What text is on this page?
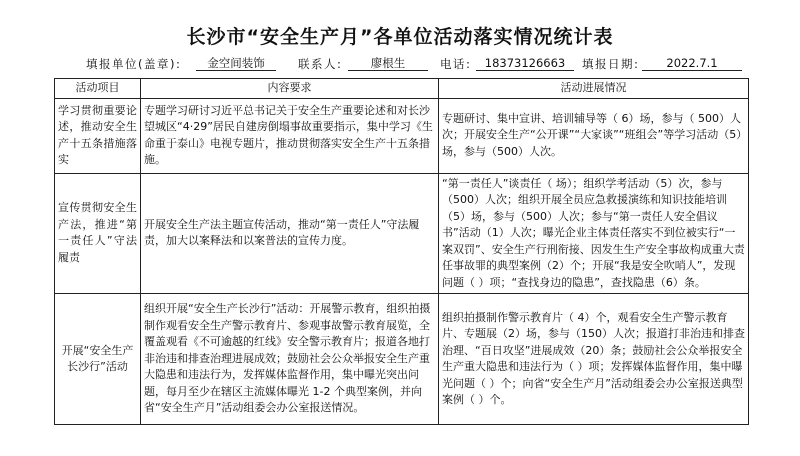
长沙市“安全生产月”各单位活动落实情况统计表
填报单位(盖章):	金空间装饰	联系人:	廖根生	电话:	18373126663	填报日期:	2022.7.1
活动项目	内容要求	活动进展情况
学习贯彻重要论述，推动安全生产十五条措施落实	专题学习研讨习近平总书记关于安全生产重要论述和对长沙望城区“4·29”居民自建房倒塌事故重要指示，集中学习《生命重于泰山》电视专题片，推动贯彻落实安全生产十五条措施。	专题研讨、集中宣讲、培训辅导等（ 6）场，参与（ 500）人次；开展安全生产“公开课”“大家谈”“班组会”等学习活动（5）场，参与（500）人次。
宣传贯彻安全生产法，推进“第一责任人”守法履责	开展安全生产法主题宣传活动，推动“第一责任人”守法履责，加大以案释法和以案普法的宣传力度。	“第一责任人”谈责任（ 场）；组织学考活动（5）次，参与（500）人次；组织开展全员应急救援演练和知识技能培训（5）场，参与（500）人次；参与“第一责任人安全倡议书”活动（1）人次；曝光企业主体责任落实不到位被实行“一案双罚”、安全生产行刑衔接、因发生生产安全事故构成重大责任事故罪的典型案例（2）个；开展“我是安全吹哨人”，发现问题（ ）项；“查找身边的隐患”，查找隐患（6）条。
开展“安全生产长沙行”活动	组织开展“安全生产长沙行”活动：开展警示教育，组织拍摄制作观看安全生产警示教育片、参观事故警示教育展览，全覆盖观看《不可逾越的红线》安全警示教育片；报道各地打非治违和排查治理进展成效；鼓励社会公众举报安全生产重大隐患和违法行为，发挥媒体监督作用，集中曝光突出问题，每月至少在辖区主流媒体曝光 1-2 个典型案例，并向省“安全生产月”活动组委会办公室报送情况。	组织拍摄制作警示教育片（ 4）个，观看安全生产警示教育片、专题展（2）场，参与（150）人次；报道打非治违和排查治理、“百日攻坚”进展成效（20）条；鼓励社会公众举报安全生产重大隐患和违法行为（ ）项；发挥媒体监督作用，集中曝光问题（ ）个；向省“安全生产月”活动组委会办公室报送典型案例（ ）个。
